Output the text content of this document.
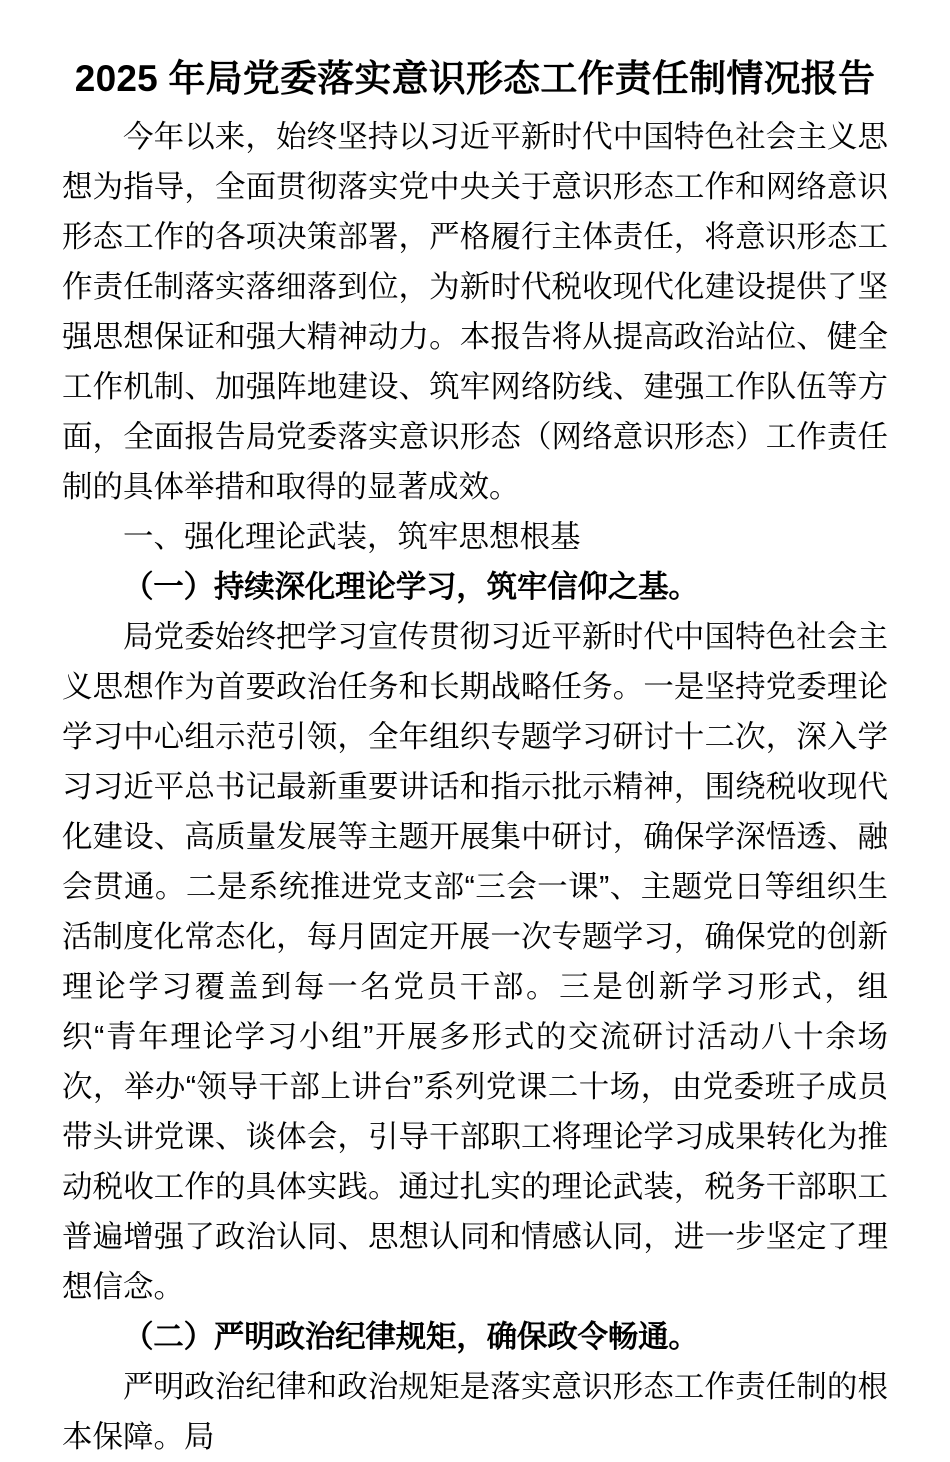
2025 年局党委落实意识形态工作责任制情况报告

今年以来，始终坚持以习近平新时代中国特色社会主义思想为指导，全面贯彻落实党中央关于意识形态工作和网络意识形态工作的各项决策部署，严格履行主体责任，将意识形态工作责任制落实落细落到位，为新时代税收现代化建设提供了坚强思想保证和强大精神动力。本报告将从提高政治站位、健全工作机制、加强阵地建设、筑牢网络防线、建强工作队伍等方面，全面报告局党委落实意识形态（网络意识形态）工作责任制的具体举措和取得的显著成效。

一、强化理论武装，筑牢思想根基

（一）持续深化理论学习，筑牢信仰之基。

局党委始终把学习宣传贯彻习近平新时代中国特色社会主义思想作为首要政治任务和长期战略任务。一是坚持党委理论学习中心组示范引领，全年组织专题学习研讨十二次，深入学习习近平总书记最新重要讲话和指示批示精神，围绕税收现代化建设、高质量发展等主题开展集中研讨，确保学深悟透、融会贯通。二是系统推进党支部“三会一课”、主题党日等组织生活制度化常态化，每月固定开展一次专题学习，确保党的创新理论学习覆盖到每一名党员干部。三是创新学习形式，组织“青年理论学习小组”开展多形式的交流研讨活动八十余场次，举办“领导干部上讲台”系列党课二十场，由党委班子成员带头讲党课、谈体会，引导干部职工将理论学习成果转化为推动税收工作的具体实践。通过扎实的理论武装，税务干部职工普遍增强了政治认同、思想认同和情感认同，进一步坚定了理想信念。

（二）严明政治纪律规矩，确保政令畅通。

严明政治纪律和政治规矩是落实意识形态工作责任制的根本保障。局
